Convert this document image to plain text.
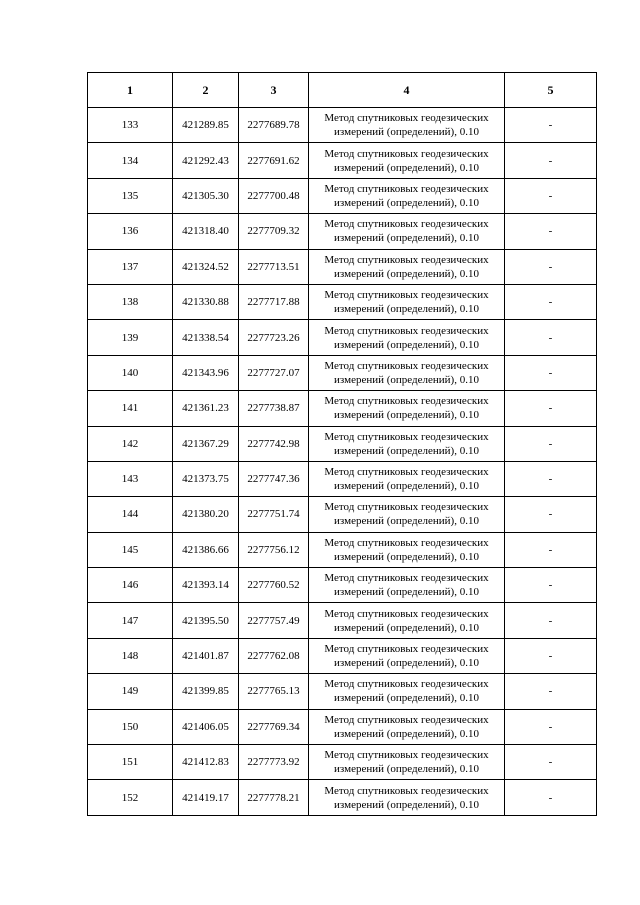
1	2	3	4	5
133	421289.85	2277689.78	Метод спутниковых геодезических
измерений (определений), 0.10	-
134	421292.43	2277691.62	Метод спутниковых геодезических
измерений (определений), 0.10	-
135	421305.30	2277700.48	Метод спутниковых геодезических
измерений (определений), 0.10	-
136	421318.40	2277709.32	Метод спутниковых геодезических
измерений (определений), 0.10	-
137	421324.52	2277713.51	Метод спутниковых геодезических
измерений (определений), 0.10	-
138	421330.88	2277717.88	Метод спутниковых геодезических
измерений (определений), 0.10	-
139	421338.54	2277723.26	Метод спутниковых геодезических
измерений (определений), 0.10	-
140	421343.96	2277727.07	Метод спутниковых геодезических
измерений (определений), 0.10	-
141	421361.23	2277738.87	Метод спутниковых геодезических
измерений (определений), 0.10	-
142	421367.29	2277742.98	Метод спутниковых геодезических
измерений (определений), 0.10	-
143	421373.75	2277747.36	Метод спутниковых геодезических
измерений (определений), 0.10	-
144	421380.20	2277751.74	Метод спутниковых геодезических
измерений (определений), 0.10	-
145	421386.66	2277756.12	Метод спутниковых геодезических
измерений (определений), 0.10	-
146	421393.14	2277760.52	Метод спутниковых геодезических
измерений (определений), 0.10	-
147	421395.50	2277757.49	Метод спутниковых геодезических
измерений (определений), 0.10	-
148	421401.87	2277762.08	Метод спутниковых геодезических
измерений (определений), 0.10	-
149	421399.85	2277765.13	Метод спутниковых геодезических
измерений (определений), 0.10	-
150	421406.05	2277769.34	Метод спутниковых геодезических
измерений (определений), 0.10	-
151	421412.83	2277773.92	Метод спутниковых геодезических
измерений (определений), 0.10	-
152	421419.17	2277778.21	Метод спутниковых геодезических
измерений (определений), 0.10	-
